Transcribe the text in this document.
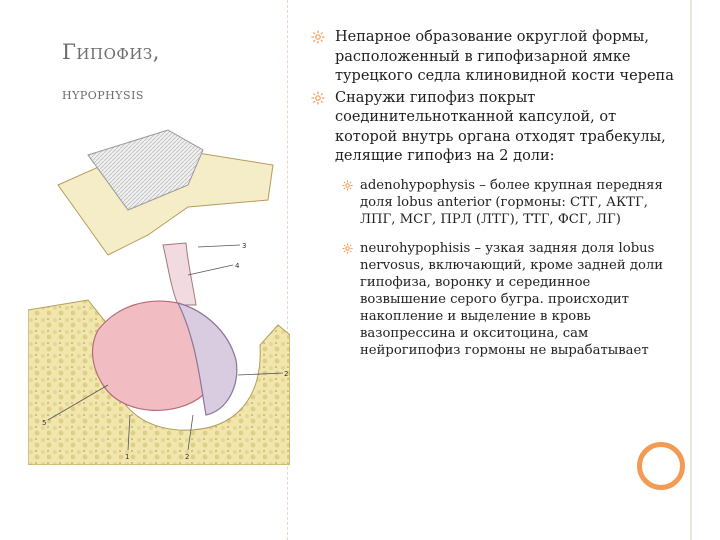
Гипофиз,
hypophysis
3
4
2
5
1	2
Непарное образование округлой формы, расположенный в гипофизарной ямке турецкого седла клиновидной кости черепа
Снаружи гипофиз покрыт соединительнотканной капсулой, от которой внутрь органа отходят трабекулы, делящие гипофиз на 2 доли:
adenohypophysis – более крупная передняя доля lobus anterior (гормоны: СТГ, АКТГ, ЛПГ, МСГ, ПРЛ (ЛТГ), ТТГ, ФСГ, ЛГ)
neurohypophisis – узкая задняя доля lobus nervosus, включающий, кроме задней доли гипофиза, воронку и серединное возвышение серого бугра. происходит накопление и выделение в кровь вазопрессина и окситоцина, сам нейрогипофиз гормоны не вырабатывает
